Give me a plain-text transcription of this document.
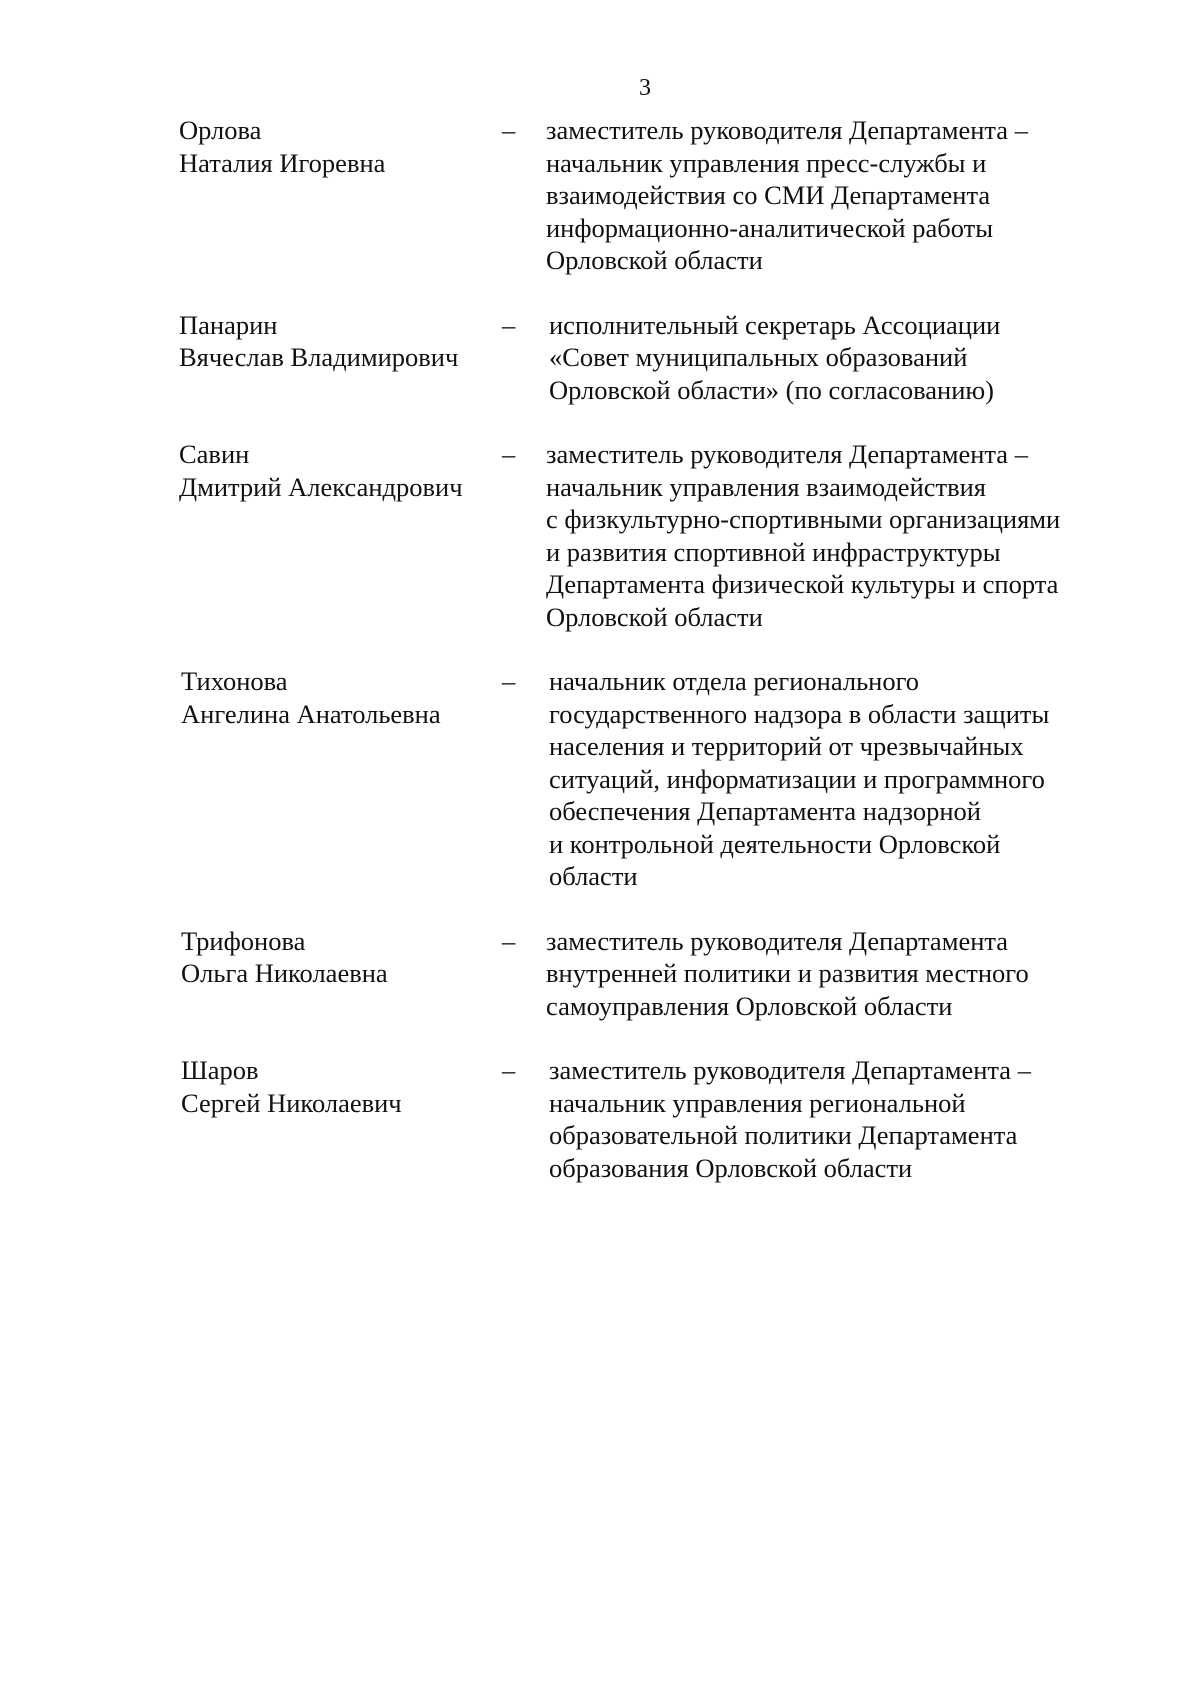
3
Орлова
Наталия Игоревна
– заместитель руководителя Департамента –
начальник управления пресс-службы и
взаимодействия со СМИ Департамента
информационно-аналитической работы
Орловской области
Панарин
Вячеслав Владимирович
– исполнительный секретарь Ассоциации
«Совет муниципальных образований
Орловской области» (по согласованию)
Савин
Дмитрий Александрович
– заместитель руководителя Департамента –
начальник управления взаимодействия
с физкультурно-спортивными организациями
и развития спортивной инфраструктуры
Департамента физической культуры и спорта
Орловской области
Тихонова
Ангелина Анатольевна
– начальник отдела регионального
государственного надзора в области защиты
населения и территорий от чрезвычайных
ситуаций, информатизации и программного
обеспечения Департамента надзорной
и контрольной деятельности Орловской
области
Трифонова
Ольга Николаевна
– заместитель руководителя Департамента
внутренней политики и развития местного
самоуправления Орловской области
Шаров
Сергей Николаевич
– заместитель руководителя Департамента –
начальник управления региональной
образовательной политики Департамента
образования Орловской области
